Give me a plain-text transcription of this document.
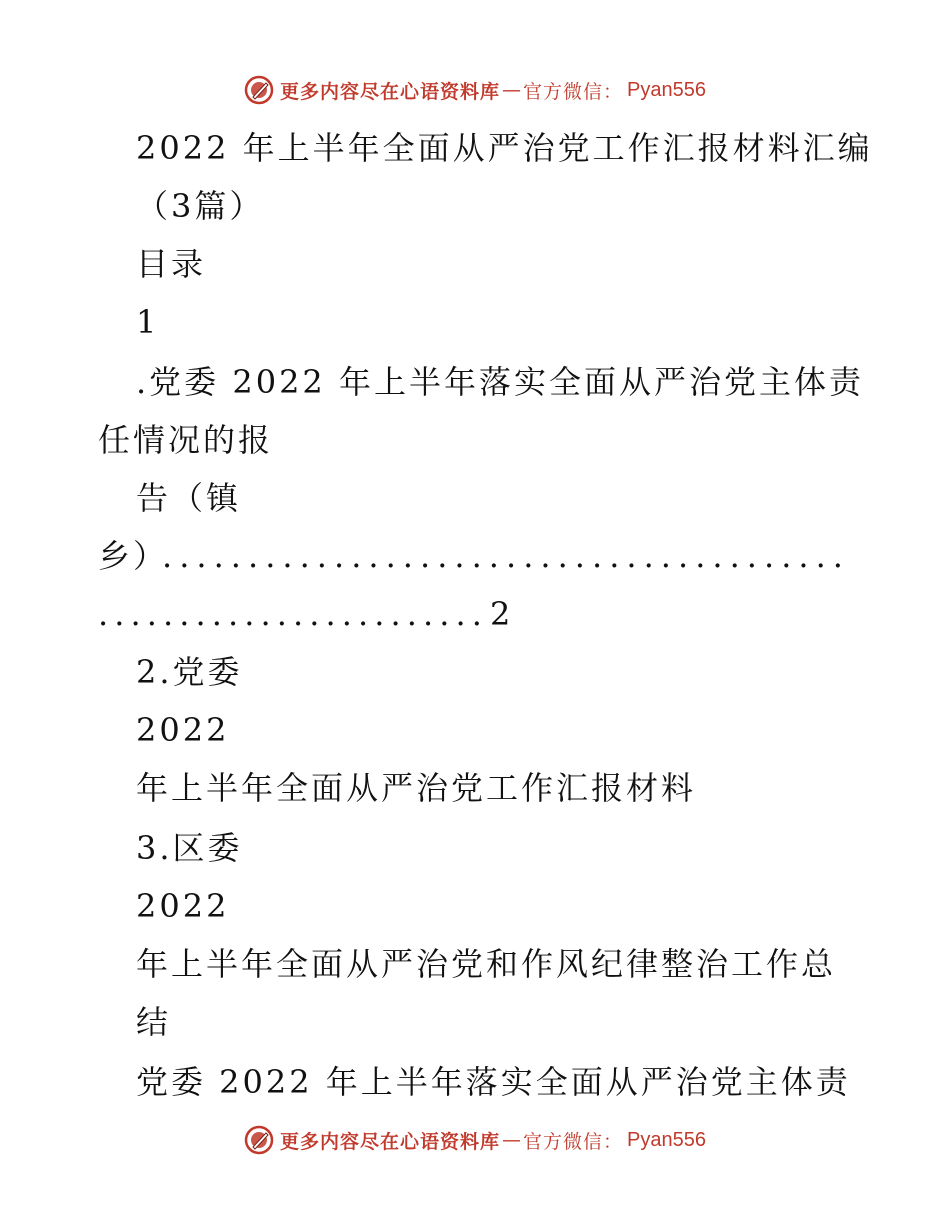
更多内容尽在心语资料库 — 官方微信： Pyan556
2022 年上半年全面从严治党工作汇报材料汇编
（3篇）
目录
1
.党委 2022 年上半年落实全面从严治党主体责
任情况的报
告（镇
乡）
........................................
........................ 2
2.党委
2022
年上半年全面从严治党工作汇报材料
3.区委
2022
年上半年全面从严治党和作风纪律整治工作总
结
党委 2022 年上半年落实全面从严治党主体责
更多内容尽在心语资料库 — 官方微信： Pyan556
